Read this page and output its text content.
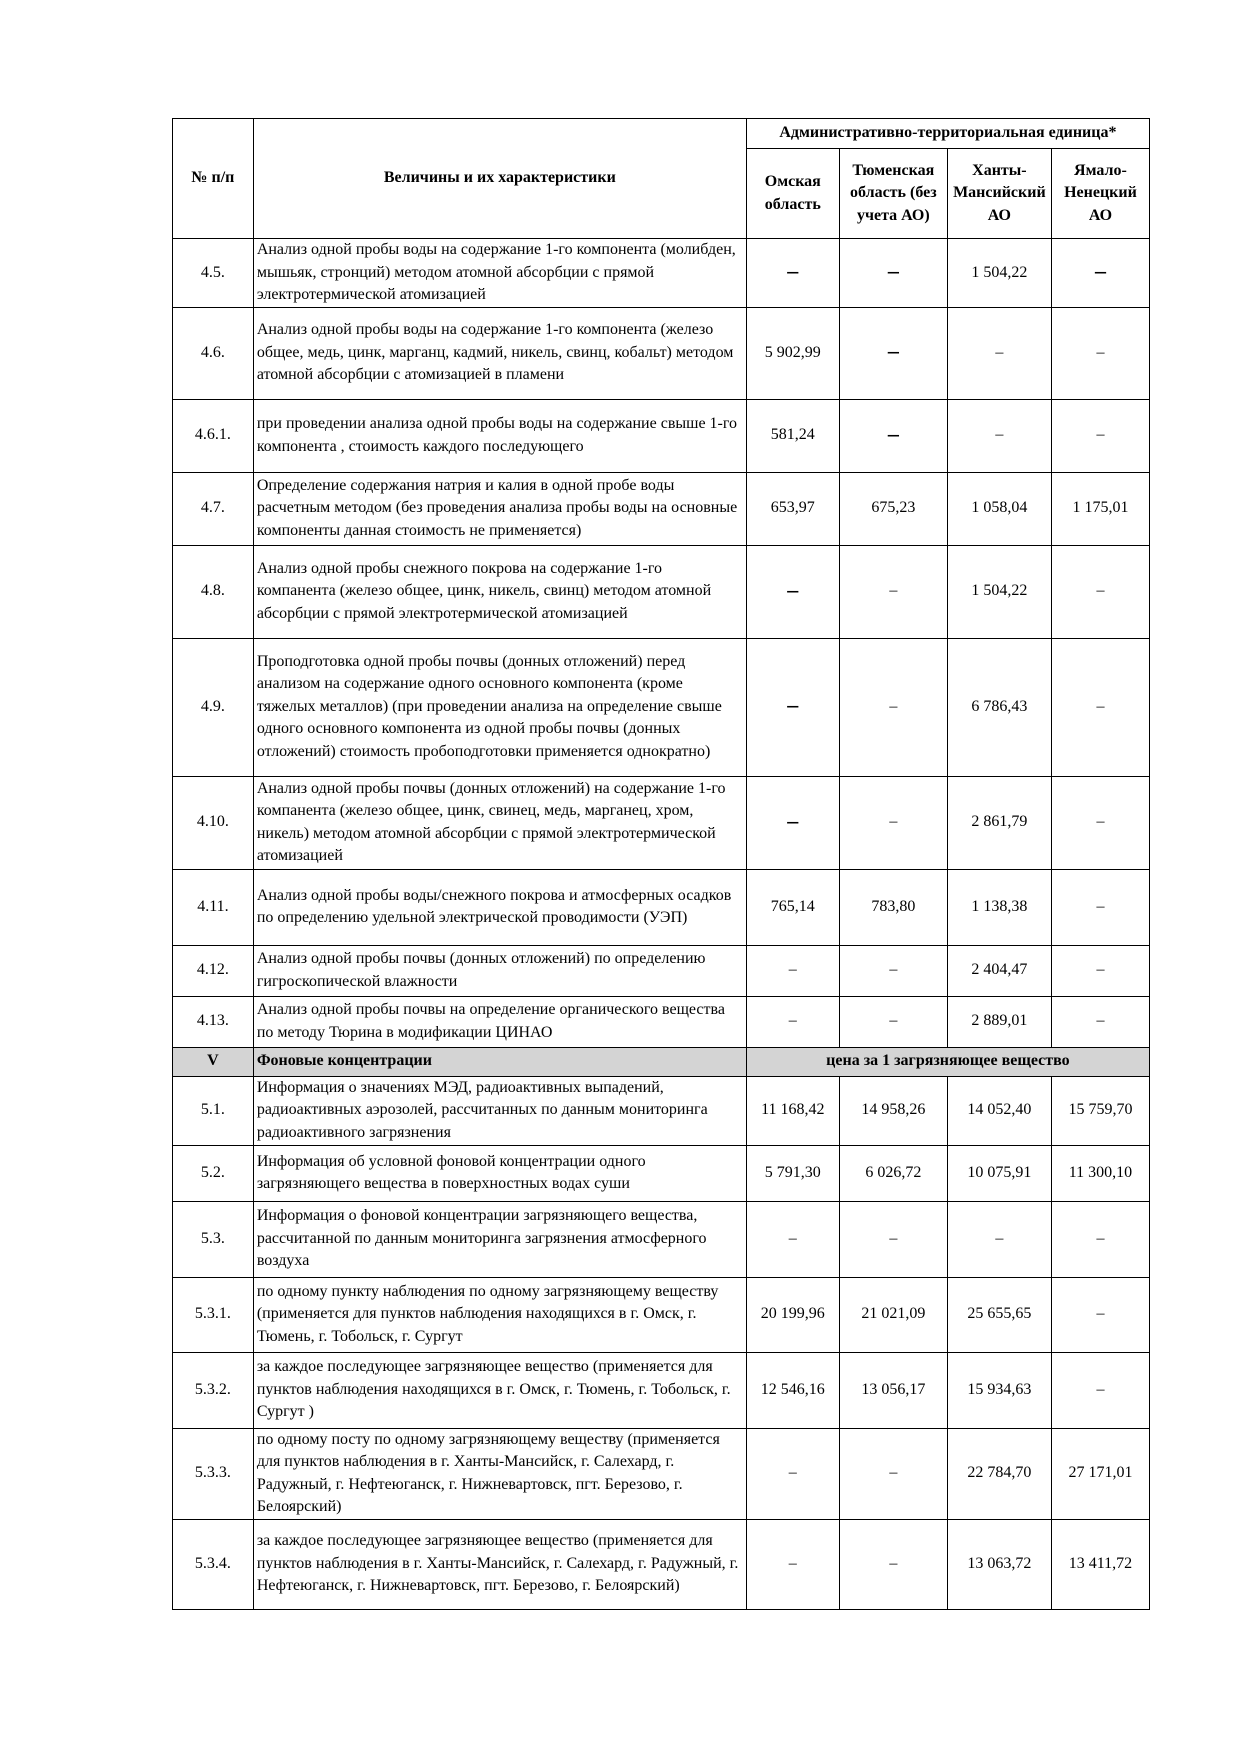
№ п/п	Величины и их характеристики	Административно-территориальная единица*			
		Омская область	Тюменская область (без учета АО)	Ханты-Мансийский АО	Ямало-Ненецкий АО
4.5.	Анализ одной пробы воды на содержание 1-го компонента (молибден, мышьяк, стронций) методом атомной абсорбции с прямой электротермической атомизацией	–	–	1 504,22	–
4.6.	Анализ одной пробы воды на содержание 1-го компонента (железо общее, медь, цинк, марганц, кадмий, никель, свинц, кобальт) методом атомной абсорбции с атомизацией в пламени	5 902,99	–	–	–
4.6.1.	при проведении анализа одной пробы воды на содержание свыше 1-го компонента , стоимость каждого последующего	581,24	–	–	–
4.7.	Определение содержания натрия и калия в одной пробе воды расчетным методом (без проведения анализа пробы воды на основные компоненты данная стоимость не применяется)	653,97	675,23	1 058,04	1 175,01
4.8.	Анализ одной пробы снежного покрова на содержание 1-го компанента (железо общее, цинк, никель, свинц) методом атомной абсорбции с прямой электротермической атомизацией	–	–	1 504,22	–
4.9.	Проподготовка одной пробы почвы (донных отложений) перед анализом на содержание одного основного компонента (кроме тяжелых металлов) (при проведении анализа на определение свыше одного основного компонента из одной пробы почвы (донных отложений) стоимость пробоподготовки применяется однократно)	–	–	6 786,43	–
4.10.	Анализ одной пробы почвы (донных отложений) на содержание 1-го компанента (железо общее, цинк, свинец, медь, марганец, хром, никель) методом атомной абсорбции с прямой электротермической атомизацией	–	–	2 861,79	–
4.11.	Анализ одной пробы воды/снежного покрова и атмосферных осадков по определению удельной электрической проводимости (УЭП)	765,14	783,80	1 138,38	–
4.12.	Анализ одной пробы почвы (донных отложений) по определению гигроскопической влажности	–	–	2 404,47	–
4.13.	Анализ одной пробы почвы на определение органического вещества по методу Тюрина в модификации ЦИНАО	–	–	2 889,01	–
V	Фоновые концентрации	цена за 1 загрязняющее вещество			
5.1.	Информация о значениях МЭД, радиоактивных выпадений, радиоактивных аэрозолей, рассчитанных по данным мониторинга радиоактивного загрязнения	11 168,42	14 958,26	14 052,40	15 759,70
5.2.	Информация об условной фоновой концентрации одного загрязняющего вещества в поверхностных водах суши	5 791,30	6 026,72	10 075,91	11 300,10
5.3.	Информация о фоновой концентрации загрязняющего вещества, рассчитанной по данным мониторинга загрязнения атмосферного воздуха	–	–	–	–
5.3.1.	по одному пункту наблюдения по одному загрязняющему веществу (применяется для пунктов наблюдения находящихся в г. Омск, г. Тюмень, г. Тобольск, г. Сургут	20 199,96	21 021,09	25 655,65	–
5.3.2.	за каждое последующее загрязняющее вещество (применяется для пунктов наблюдения находящихся в г. Омск, г. Тюмень, г. Тобольск, г. Сургут )	12 546,16	13 056,17	15 934,63	–
5.3.3.	по одному посту по одному загрязняющему веществу (применяется для пунктов наблюдения в г. Ханты-Мансийск, г. Салехард, г. Радужный, г. Нефтеюганск, г. Нижневартовск, пгт. Березово, г. Белоярский)	–	–	22 784,70	27 171,01
5.3.4.	за каждое последующее загрязняющее вещество (применяется для пунктов наблюдения в г. Ханты-Мансийск, г. Салехард, г. Радужный, г. Нефтеюганск, г. Нижневартовск, пгт. Березово, г. Белоярский)	–	–	13 063,72	13 411,72
